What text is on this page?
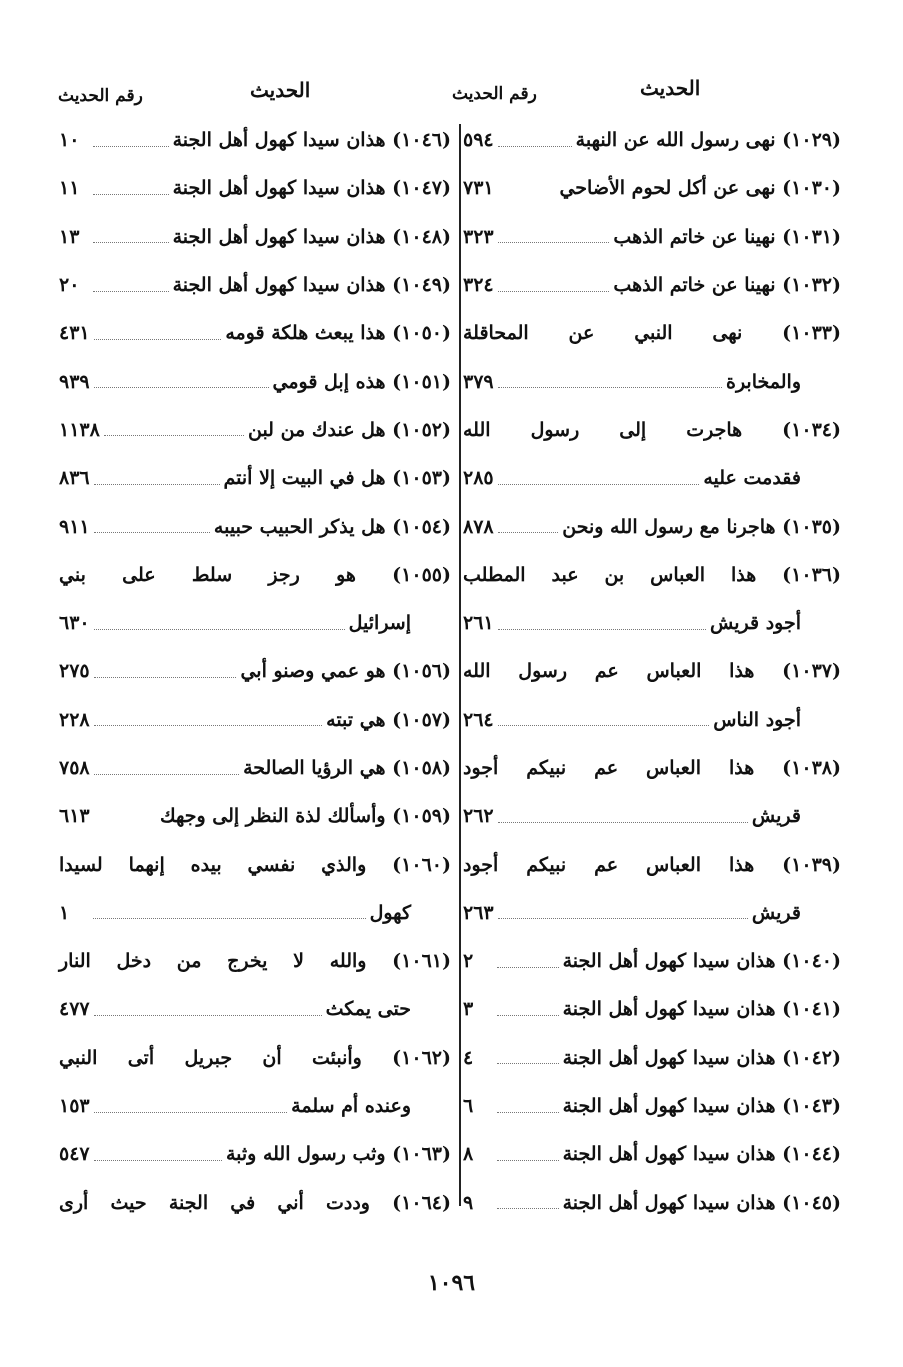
الحديث
رقم الحديث
الحديث
رقم الحديث
(١٠٢٩) نهى رسول الله عن النهبة
٥٩٤
(١٠٣٠) نهى عن أكل لحوم الأضاحي
٧٣١
(١٠٣١) نهينا عن خاتم الذهب
٣٢٣
(١٠٣٢) نهينا عن خاتم الذهب
٣٢٤
(١٠٣٣) نهى النبي عن المحاقلة
والمخابرة
٣٧٩
(١٠٣٤) هاجرت إلى رسول الله
فقدمت عليه
٢٨٥
(١٠٣٥) هاجرنا مع رسول الله ونحن
٨٧٨
(١٠٣٦) هذا العباس بن عبد المطلب
أجود قريش
٢٦١
(١٠٣٧) هذا العباس عم رسول الله
أجود الناس
٢٦٤
(١٠٣٨) هذا العباس عم نبيكم أجود
قريش
٢٦٢
(١٠٣٩) هذا العباس عم نبيكم أجود
قريش
٢٦٣
(١٠٤٠) هذان سيدا كهول أهل الجنة
٢
(١٠٤١) هذان سيدا كهول أهل الجنة
٣
(١٠٤٢) هذان سيدا كهول أهل الجنة
٤
(١٠٤٣) هذان سيدا كهول أهل الجنة
٦
(١٠٤٤) هذان سيدا كهول أهل الجنة
٨
(١٠٤٥) هذان سيدا كهول أهل الجنة
٩
(١٠٤٦) هذان سيدا كهول أهل الجنة
١٠
(١٠٤٧) هذان سيدا كهول أهل الجنة
١١
(١٠٤٨) هذان سيدا كهول أهل الجنة
١٣
(١٠٤٩) هذان سيدا كهول أهل الجنة
٢٠
(١٠٥٠) هذا يبعث هلكة قومه
٤٣١
(١٠٥١) هذه إبل قومي
٩٣٩
(١٠٥٢) هل عندك من لبن
١١٣٨
(١٠٥٣) هل في البيت إلا أنتم
٨٣٦
(١٠٥٤) هل يذكر الحبيب حبيبه
٩١١
(١٠٥٥) هو رجز سلط على بني
إسرائيل
٦٣٠
(١٠٥٦) هو عمي وصنو أبي
٢٧٥
(١٠٥٧) هي تبته
٢٢٨
(١٠٥٨) هي الرؤيا الصالحة
٧٥٨
(١٠٥٩) وأسألك لذة النظر إلى وجهك
٦١٣
(١٠٦٠) والذي نفسي بيده إنهما لسيدا
كهول
١
(١٠٦١) والله لا يخرج من دخل النار
حتى يمكث
٤٧٧
(١٠٦٢) وأنبئت أن جبريل أتى النبي
وعنده أم سلمة
١٥٣
(١٠٦٣) وثب رسول الله وثبة
٥٤٧
(١٠٦٤) وددت أني في الجنة حيث أرى
١٠٩٦
